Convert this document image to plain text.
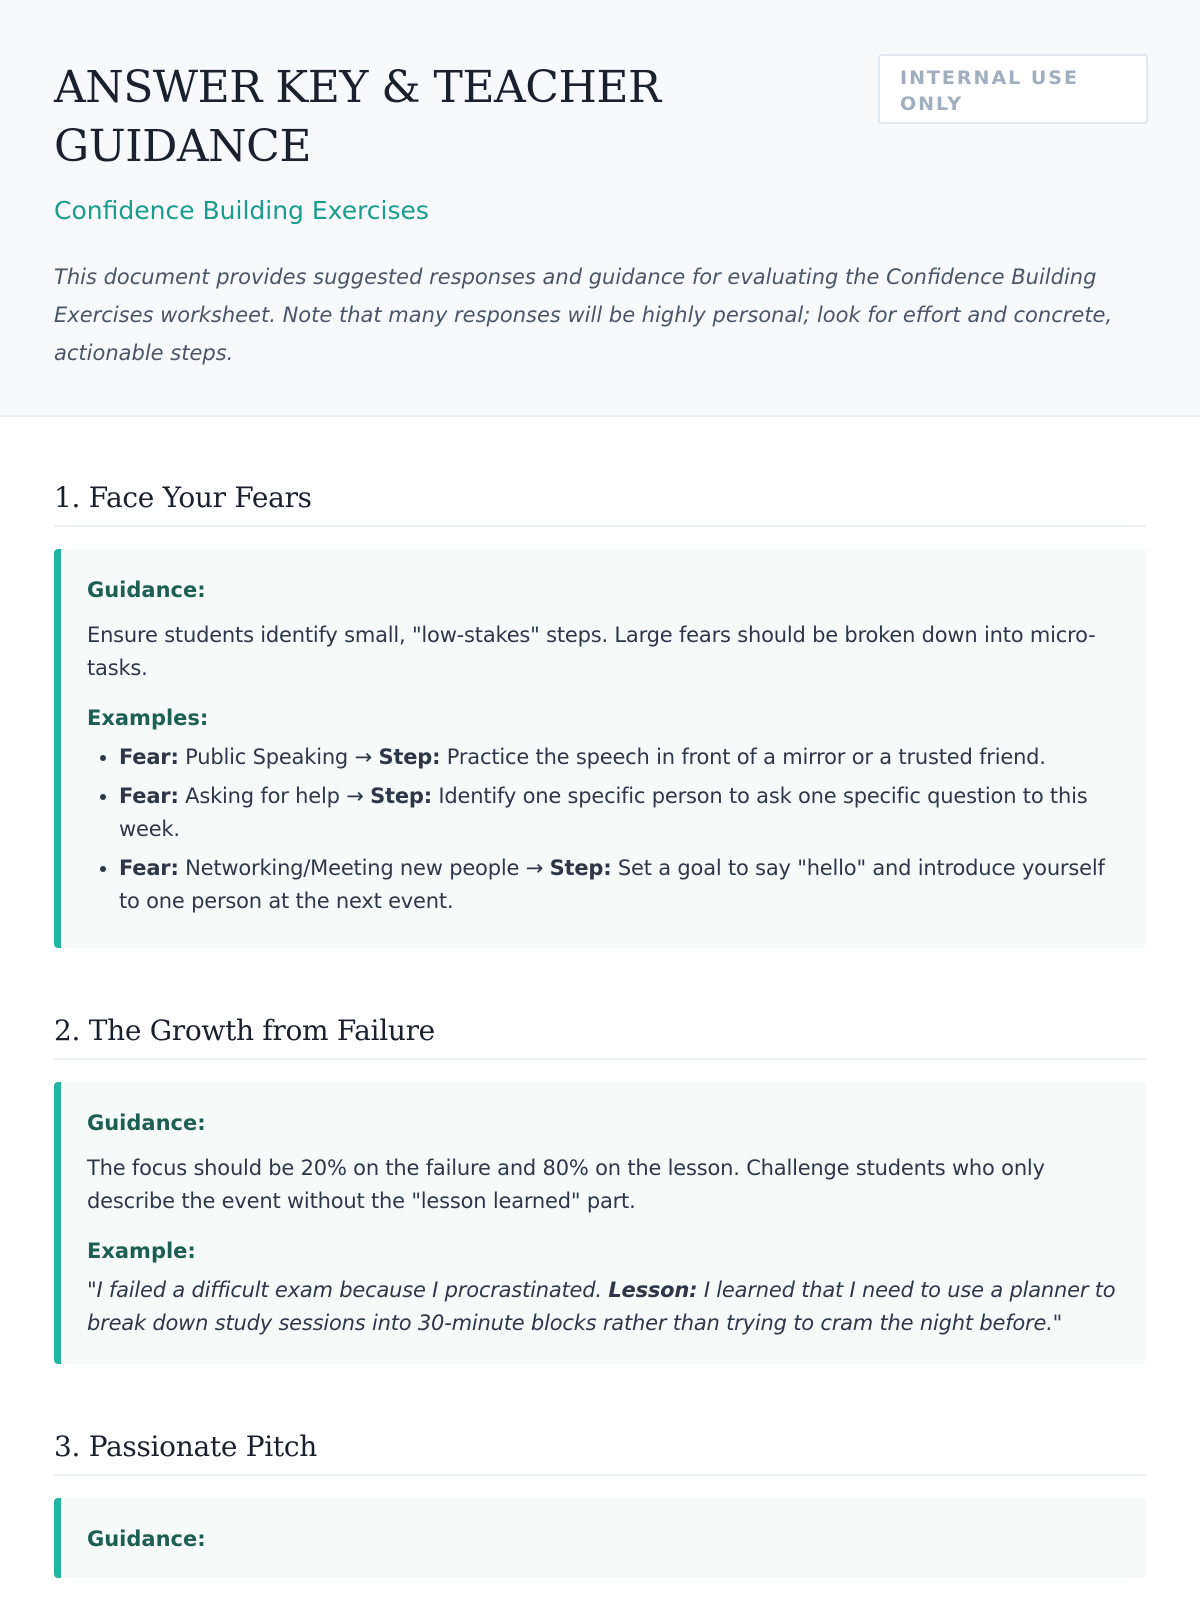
ANSWER KEY & TEACHER GUIDANCE
INTERNAL USE ONLY
Confidence Building Exercises

This document provides suggested responses and guidance for evaluating the Confidence Building Exercises worksheet. Note that many responses will be highly personal; look for effort and concrete, actionable steps.

1. Face Your Fears
Guidance:

Ensure students identify small, "low-stakes" steps. Large fears should be broken down into micro-tasks.

Examples:
• Fear: Public Speaking → Step: Practice the speech in front of a mirror or a trusted friend.
• Fear: Asking for help → Step: Identify one specific person to ask one specific question to this week.
• Fear: Networking/Meeting new people → Step: Set a goal to say "hello" and introduce yourself to one person at the next event.
2. The Growth from Failure
Guidance:

The focus should be 20% on the failure and 80% on the lesson. Challenge students who only describe the event without the "lesson learned" part.

Example:

"I failed a difficult exam because I procrastinated. Lesson: I learned that I need to use a planner to break down study sessions into 30-minute blocks rather than trying to cram the night before."

3. Passionate Pitch
Guidance:
